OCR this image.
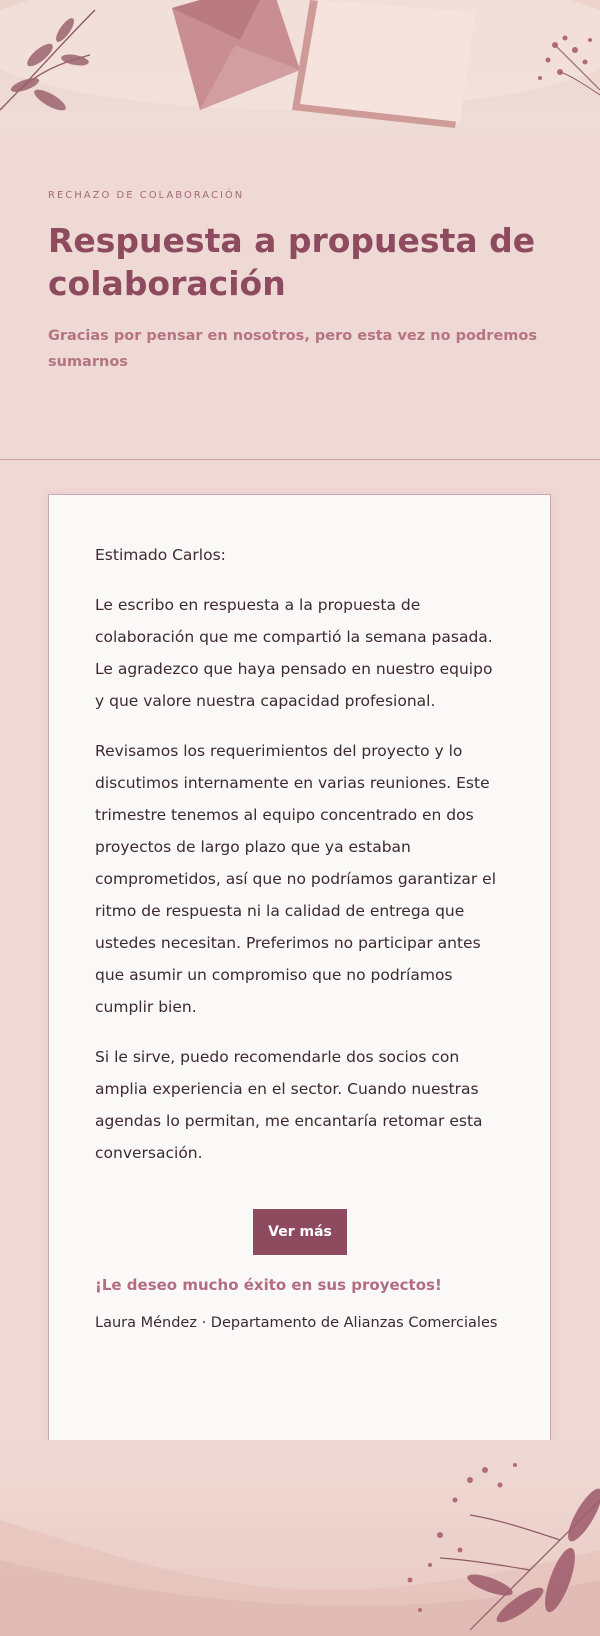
RECHAZO DE COLABORACIÓN
Respuesta a propuesta de colaboración
Gracias por pensar en nosotros, pero esta vez no podremos sumarnos

Estimado Carlos:

Le escribo en respuesta a la propuesta de colaboración que me compartió la semana pasada. Le agradezco que haya pensado en nuestro equipo y que valore nuestra capacidad profesional.

Revisamos los requerimientos del proyecto y lo discutimos internamente en varias reuniones. Este trimestre tenemos al equipo concentrado en dos proyectos de largo plazo que ya estaban comprometidos, así que no podríamos garantizar el ritmo de respuesta ni la calidad de entrega que ustedes necesitan. Preferimos no participar antes que asumir un compromiso que no podríamos cumplir bien.

Si le sirve, puedo recomendarle dos socios con amplia experiencia en el sector. Cuando nuestras agendas lo permitan, me encantaría retomar esta conversación.

Ver más
¡Le deseo mucho éxito en sus proyectos!
Laura Méndez · Departamento de Alianzas Comerciales
